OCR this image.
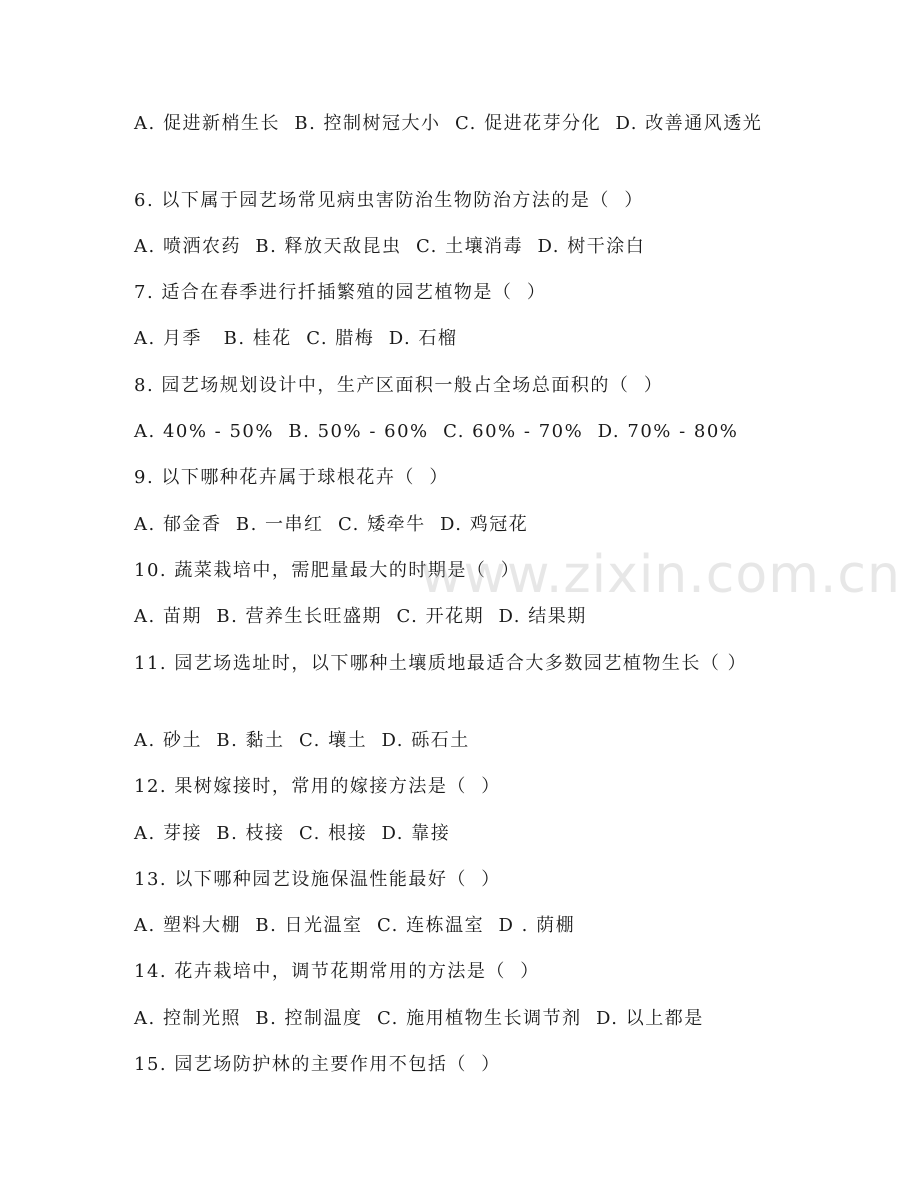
A. 促进新梢生长  B. 控制树冠大小  C. 促进花芽分化  D. 改善通风透光
6. 以下属于园艺场常见病虫害防治生物防治方法的是（  ）
A. 喷洒农药  B. 释放天敌昆虫  C. 土壤消毒  D. 树干涂白
7. 适合在春季进行扦插繁殖的园艺植物是（  ）
A. 月季   B. 桂花  C. 腊梅  D. 石榴
8. 园艺场规划设计中，生产区面积一般占全场总面积的（  ）
A. 40% - 50%  B. 50% - 60%  C. 60% - 70%  D. 70% - 80%
9. 以下哪种花卉属于球根花卉（  ）
A. 郁金香  B. 一串红  C. 矮牵牛  D. 鸡冠花
10. 蔬菜栽培中，需肥量最大的时期是（  ）
A. 苗期  B. 营养生长旺盛期  C. 开花期  D. 结果期
11. 园艺场选址时，以下哪种土壤质地最适合大多数园艺植物生长（ ）
A. 砂土  B. 黏土  C. 壤土  D. 砾石土
12. 果树嫁接时，常用的嫁接方法是（  ）
A. 芽接  B. 枝接  C. 根接  D. 靠接
13. 以下哪种园艺设施保温性能最好（  ）
A. 塑料大棚  B. 日光温室  C. 连栋温室  D . 荫棚
14. 花卉栽培中，调节花期常用的方法是（  ）
A. 控制光照  B. 控制温度  C. 施用植物生长调节剂  D. 以上都是
15. 园艺场防护林的主要作用不包括（  ）
www.zixin.com.cn
